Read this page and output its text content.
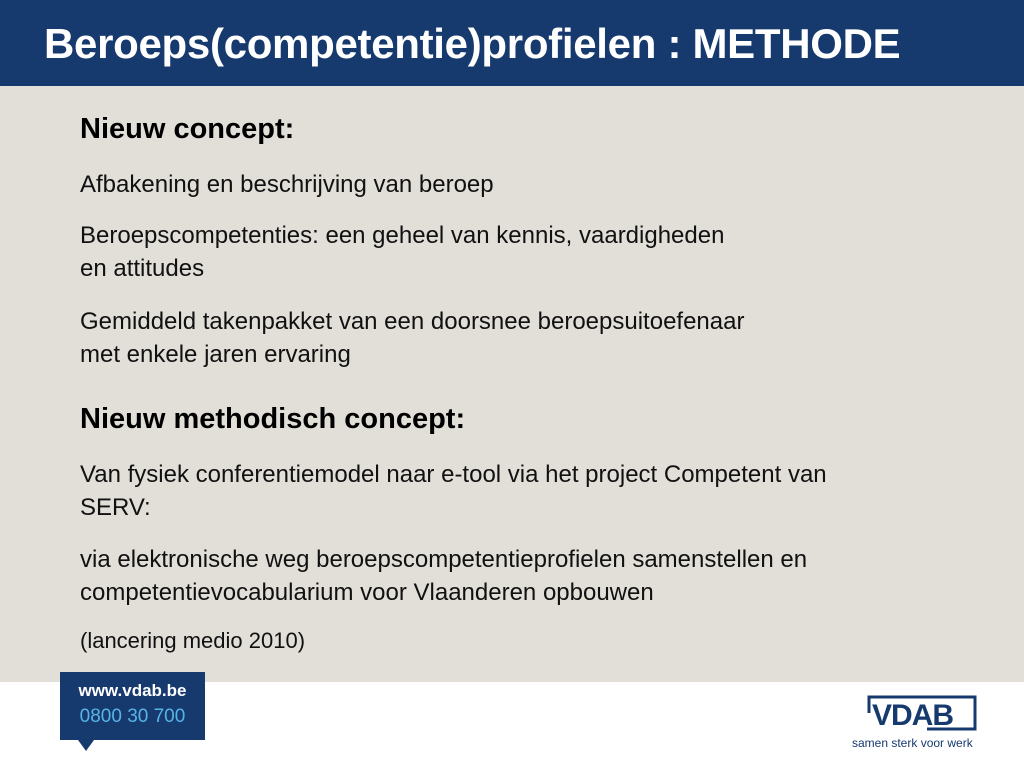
Beroeps(competentie)profielen : METHODE
Nieuw concept:
Afbakening en beschrijving van beroep
Beroepscompetenties: een geheel van kennis, vaardigheden
en attitudes
Gemiddeld takenpakket van een doorsnee beroepsuitoefenaar
met enkele jaren ervaring
Nieuw methodisch concept:
Van fysiek conferentiemodel naar e-tool via het project Competent van
SERV:
via elektronische weg beroepscompetentieprofielen samenstellen en
competentievocabularium voor Vlaanderen opbouwen
(lancering medio 2010)
www.vdab.be
0800 30 700	VDAB
samen sterk voor werk
